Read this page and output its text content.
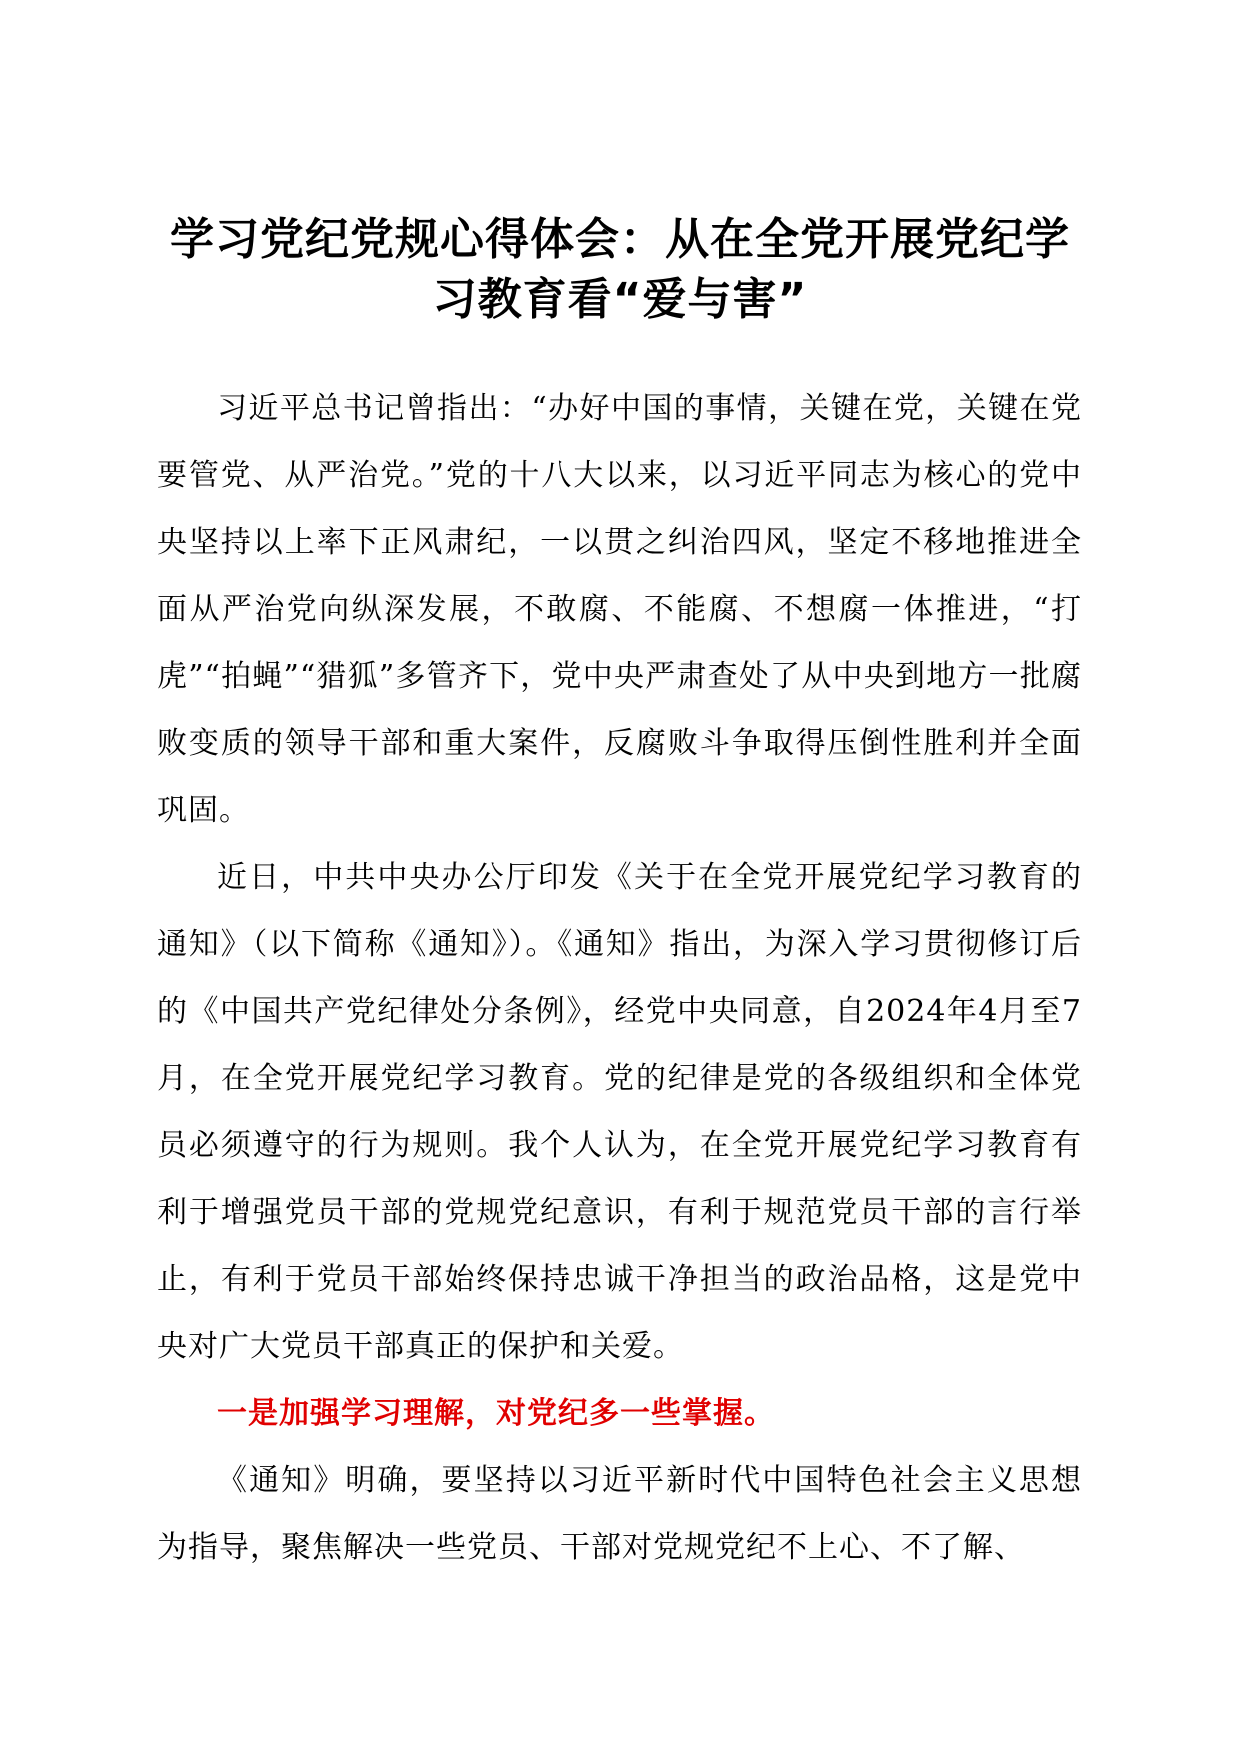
学习党纪党规心得体会：从在全党开展党纪学
习教育看“爱与害”

习近平总书记曾指出：“办好中国的事情，关键在党，关键在党要管党、从严治党。”党的十八大以来，以习近平同志为核心的党中央坚持以上率下正风肃纪，一以贯之纠治四风，坚定不移地推进全面从严治党向纵深发展，不敢腐、不能腐、不想腐一体推进，“打虎”“拍蝇”“猎狐”多管齐下，党中央严肃查处了从中央到地方一批腐败变质的领导干部和重大案件，反腐败斗争取得压倒性胜利并全面巩固。

近日，中共中央办公厅印发《关于在全党开展党纪学习教育的通知》（以下简称《通知》）。《通知》指出，为深入学习贯彻修订后的《中国共产党纪律处分条例》，经党中央同意，自2024年4月至7月，在全党开展党纪学习教育。党的纪律是党的各级组织和全体党员必须遵守的行为规则。我个人认为，在全党开展党纪学习教育有利于增强党员干部的党规党纪意识，有利于规范党员干部的言行举止，有利于党员干部始终保持忠诚干净担当的政治品格，这是党中央对广大党员干部真正的保护和关爱。

一是加强学习理解，对党纪多一些掌握。

《通知》明确，要坚持以习近平新时代中国特色社会主义思想为指导，聚焦解决一些党员、干部对党规党纪不上心、不了解、
